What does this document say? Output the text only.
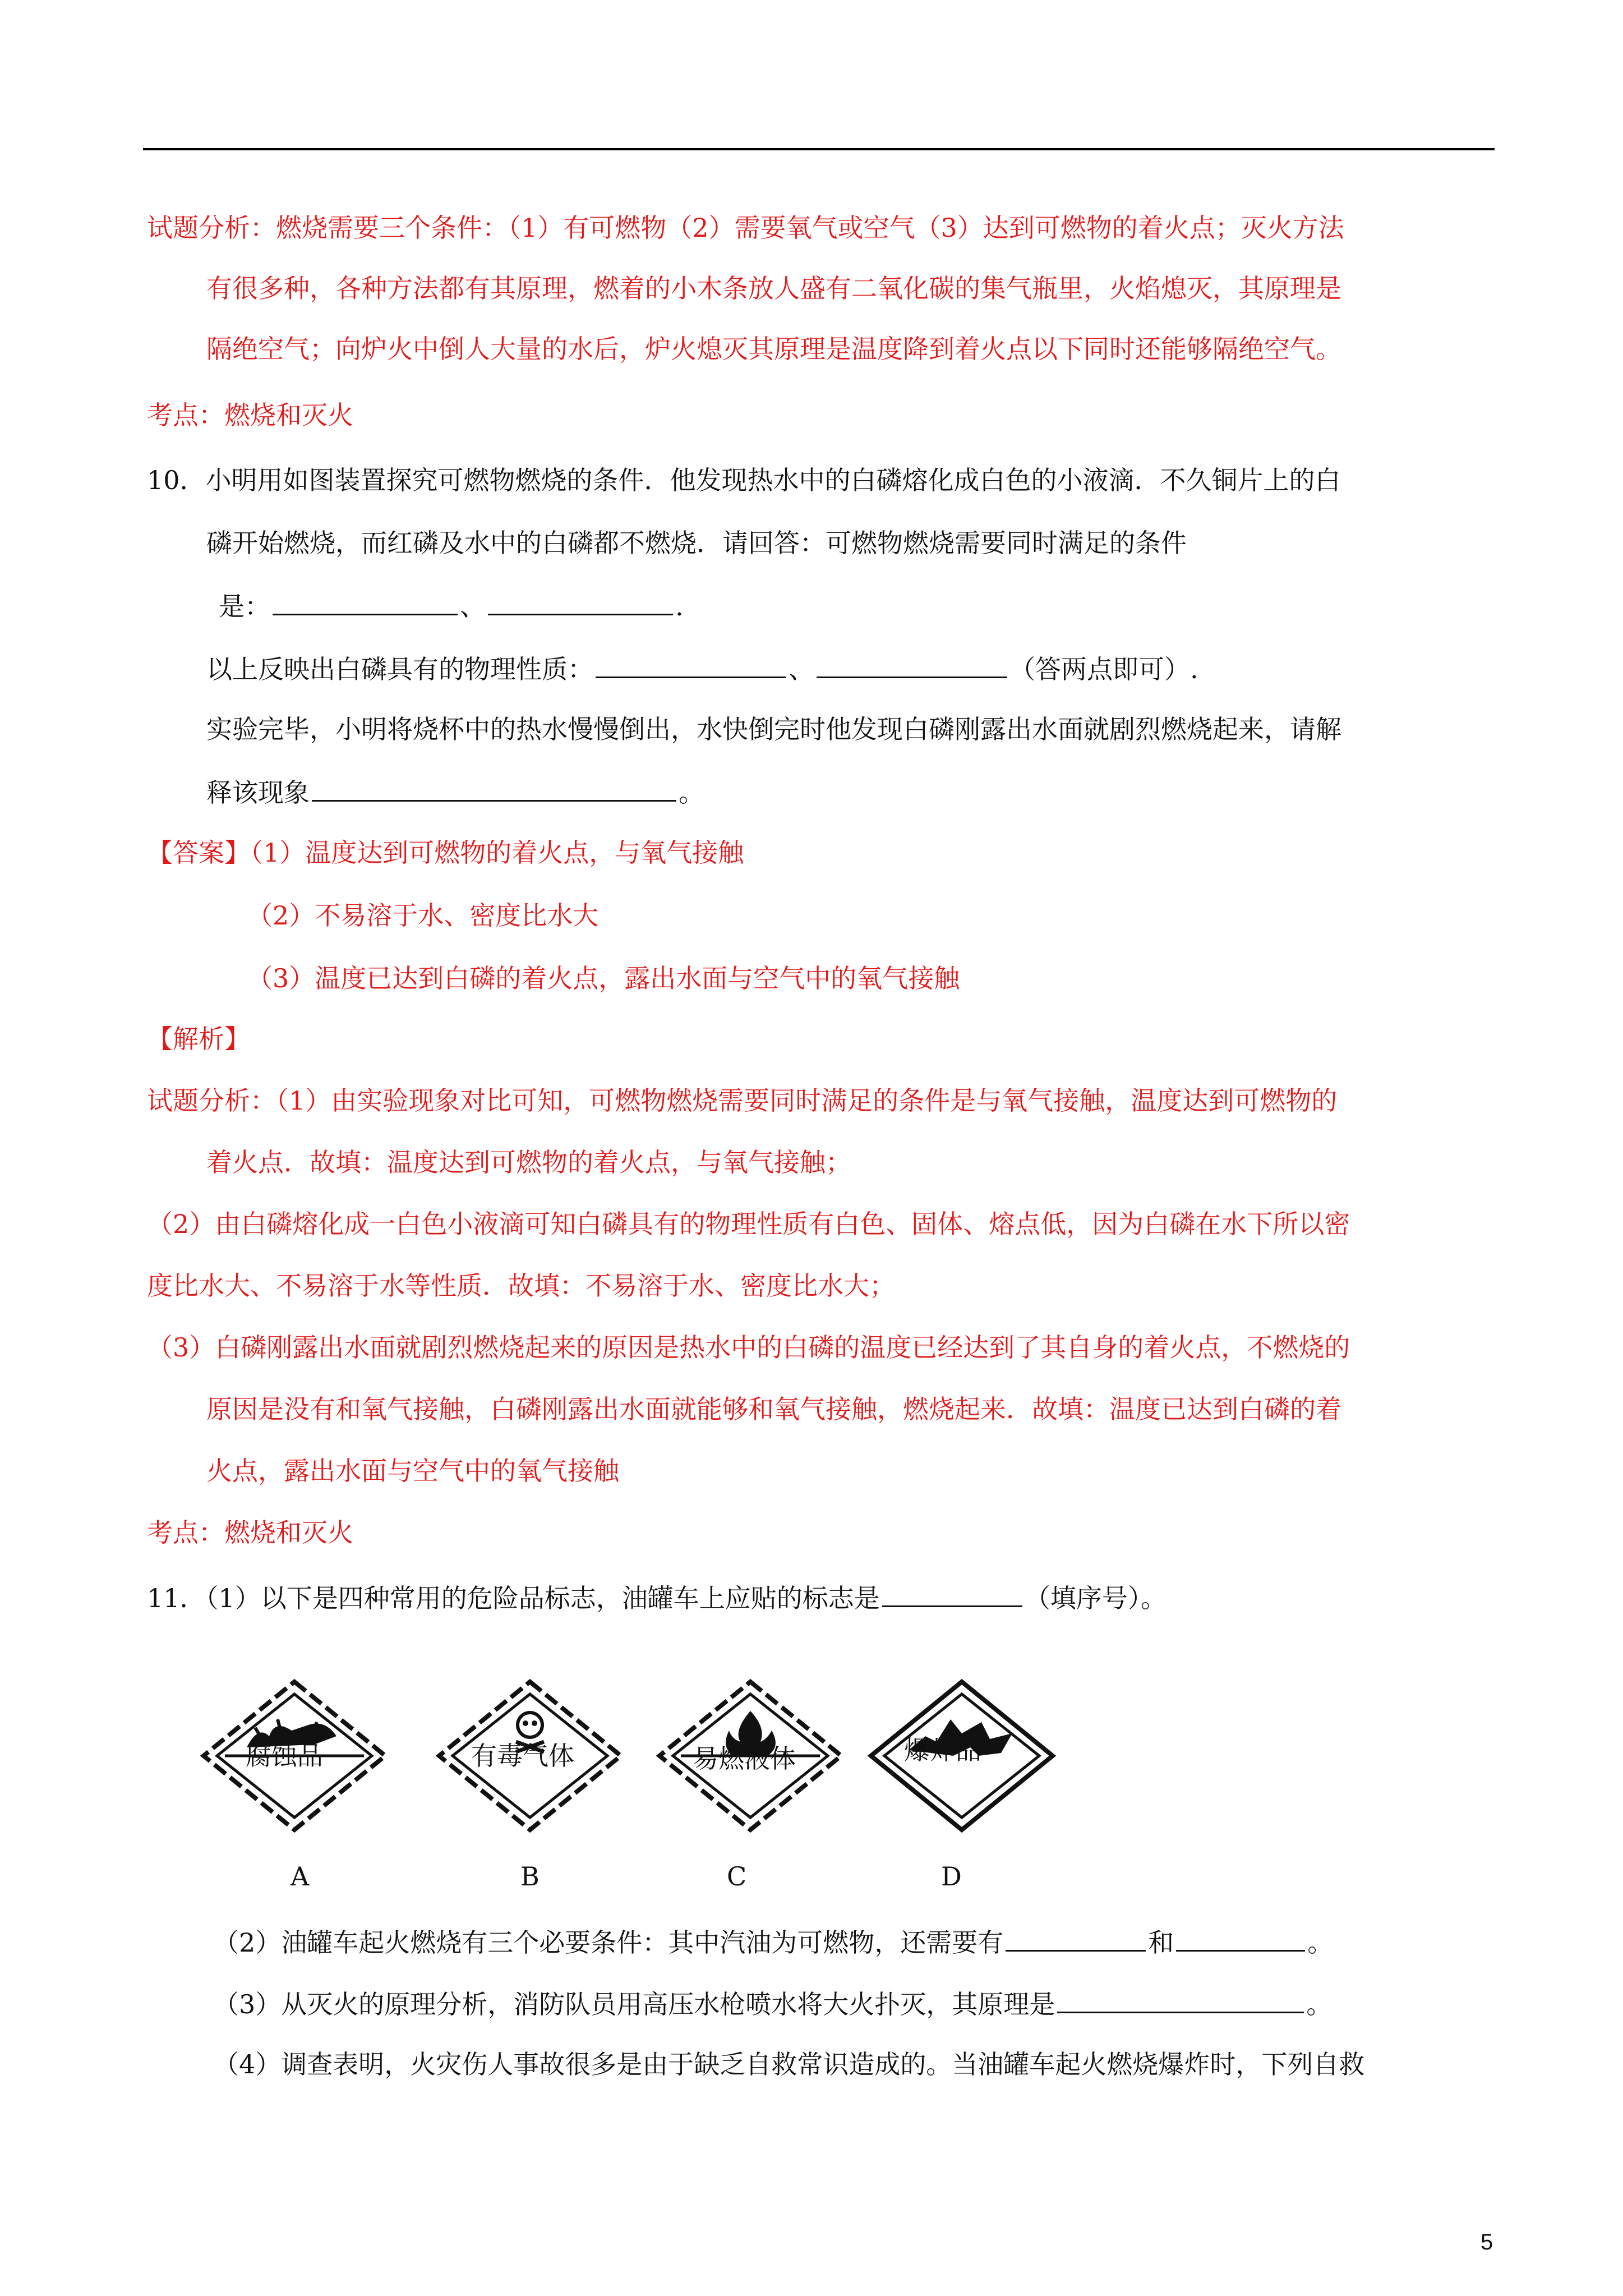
试题分析：燃烧需要三个条件：（1）有可燃物（2）需要氧气或空气（3）达到可燃物的着火点；灭火方法
有很多种，各种方法都有其原理，燃着的小木条放人盛有二氧化碳的集气瓶里，火焰熄灭，其原理是
隔绝空气；向炉火中倒人大量的水后，炉火熄灭其原理是温度降到着火点以下同时还能够隔绝空气。
考点：燃烧和灭火
10．小明用如图装置探究可燃物燃烧的条件．他发现热水中的白磷熔化成白色的小液滴．不久铜片上的白
磷开始燃烧，而红磷及水中的白磷都不燃烧．请回答：可燃物燃烧需要同时满足的条件
是：	、	.
以上反映出白磷具有的物理性质：	、	（答两点即可）.
实验完毕，小明将烧杯中的热水慢慢倒出，水快倒完时他发现白磷刚露出水面就剧烈燃烧起来，请解
释该现象	。
【答案】（1）温度达到可燃物的着火点，与氧气接触
（2）不易溶于水、密度比水大
（3）温度已达到白磷的着火点，露出水面与空气中的氧气接触
【解析】
试题分析：（1）由实验现象对比可知，可燃物燃烧需要同时满足的条件是与氧气接触，温度达到可燃物的
着火点．故填：温度达到可燃物的着火点，与氧气接触；
（2）由白磷熔化成一白色小液滴可知白磷具有的物理性质有白色、固体、熔点低，因为白磷在水下所以密
度比水大、不易溶于水等性质．故填：不易溶于水、密度比水大；
（3）白磷刚露出水面就剧烈燃烧起来的原因是热水中的白磷的温度已经达到了其自身的着火点，不燃烧的
原因是没有和氧气接触，白磷刚露出水面就能够和氧气接触，燃烧起来．故填：温度已达到白磷的着
火点，露出水面与空气中的氧气接触
考点：燃烧和灭火
11．（1）以下是四种常用的危险品标志，油罐车上应贴的标志是	（填序号）。
腐蚀品	有毒气体	易燃液体	爆炸品
A	B	C	D
（2）油罐车起火燃烧有三个必要条件：其中汽油为可燃物，还需要有	和	。
（3）从灭火的原理分析，消防队员用高压水枪喷水将大火扑灭，其原理是	。
（4）调查表明，火灾伤人事故很多是由于缺乏自救常识造成的。当油罐车起火燃烧爆炸时，下列自救
5
